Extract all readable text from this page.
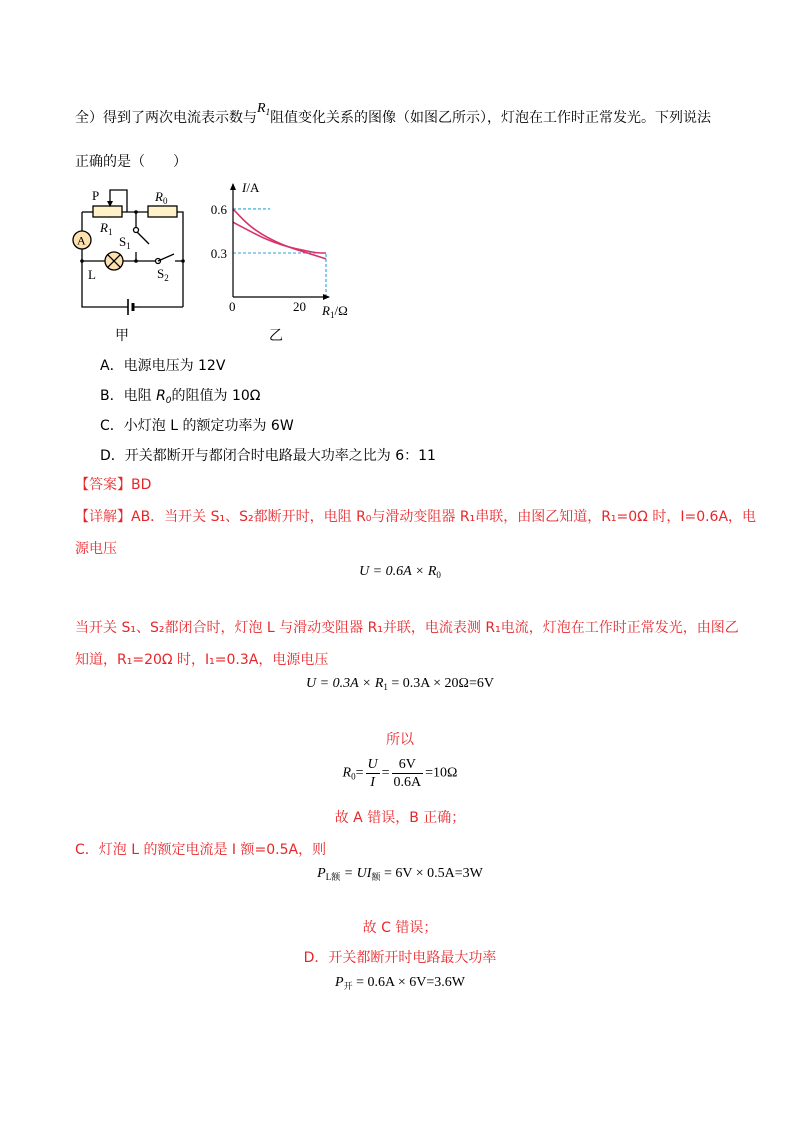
全）得到了两次电流表示数与$R_1$阻值变化关系的图像（如图乙所示），灯泡在工作时正常发光。下列说法
正确的是（　　）
A
P
$R_1$
$R_0$
$S_1$
L	$S_2$
甲
I/A
0.6
0.3
0	20 $R_1/\Omega$
乙
A．电源电压为 12V
B．电阻 $R_0$的阻值为 10Ω
C．小灯泡 L 的额定功率为 6W
D．开关都断开与都闭合时电路最大功率之比为 6：11
【答案】BD
【详解】AB．当开关 S₁、S₂都断开时，电阻 R₀与滑动变阻器 R₁串联，由图乙知道，R₁=0Ω 时，I=0.6A，电
源电压
$U = 0.6A \times R_0$
当开关 S₁、S₂都闭合时，灯泡 L 与滑动变阻器 R₁并联，电流表测 R₁电流，灯泡在工作时正常发光，由图乙
知道，R₁=20Ω 时，I₁=0.3A，电源电压
$U = 0.3A \times R_1 = 0.3A \times 20\Omega=6V$
所以
$R_0= \frac{U}{I} = \frac{6V}{0.6A} =10\Omega$
故 A 错误，B 正确；
C．灯泡 L 的额定电流是 I 额=0.5A，则
$P_{L额} = UI_额 = 6V \times 0.5A=3W$
故 C 错误；
D．开关都断开时电路最大功率
$P_开 = 0.6A \times 6V=3.6W$
